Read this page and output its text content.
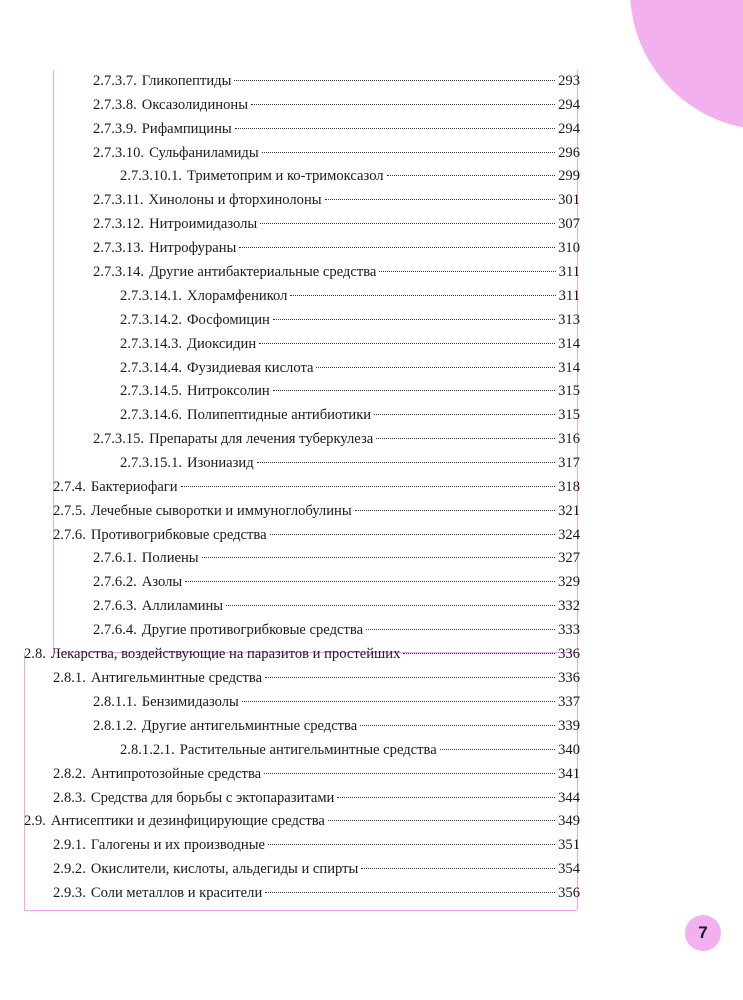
2.7.3.7. Гликопептиды	293
2.7.3.8. Оксазолидиноны	294
2.7.3.9. Рифампицины	294
2.7.3.10. Сульфаниламиды	296
2.7.3.10.1. Триметоприм и ко-тримоксазол	299
2.7.3.11. Хинолоны и фторхинолоны	301
2.7.3.12. Нитроимидазолы	307
2.7.3.13. Нитрофураны	310
2.7.3.14. Другие антибактериальные средства	311
2.7.3.14.1. Хлорамфеникол	311
2.7.3.14.2. Фосфомицин	313
2.7.3.14.3. Диоксидин	314
2.7.3.14.4. Фузидиевая кислота	314
2.7.3.14.5. Нитроксолин	315
2.7.3.14.6. Полипептидные антибиотики	315
2.7.3.15. Препараты для лечения туберкулеза	316
2.7.3.15.1. Изониазид	317
2.7.4. Бактериофаги	318
2.7.5. Лечебные сыворотки и иммуноглобулины	321
2.7.6. Противогрибковые средства	324
2.7.6.1. Полиены	327
2.7.6.2. Азолы	329
2.7.6.3. Аллиламины	332
2.7.6.4. Другие противогрибковые средства	333
2.8. Лекарства, воздействующие на паразитов и простейших	336
2.8.1. Антигельминтные средства	336
2.8.1.1. Бензимидазолы	337
2.8.1.2. Другие антигельминтные средства	339
2.8.1.2.1. Растительные антигельминтные средства	340
2.8.2. Антипротозойные средства	341
2.8.3. Средства для борьбы с эктопаразитами	344
2.9. Антисептики и дезинфицирующие средства	349
2.9.1. Галогены и их производные	351
2.9.2. Окислители, кислоты, альдегиды и спирты	354
2.9.3. Соли металлов и красители	356
7
